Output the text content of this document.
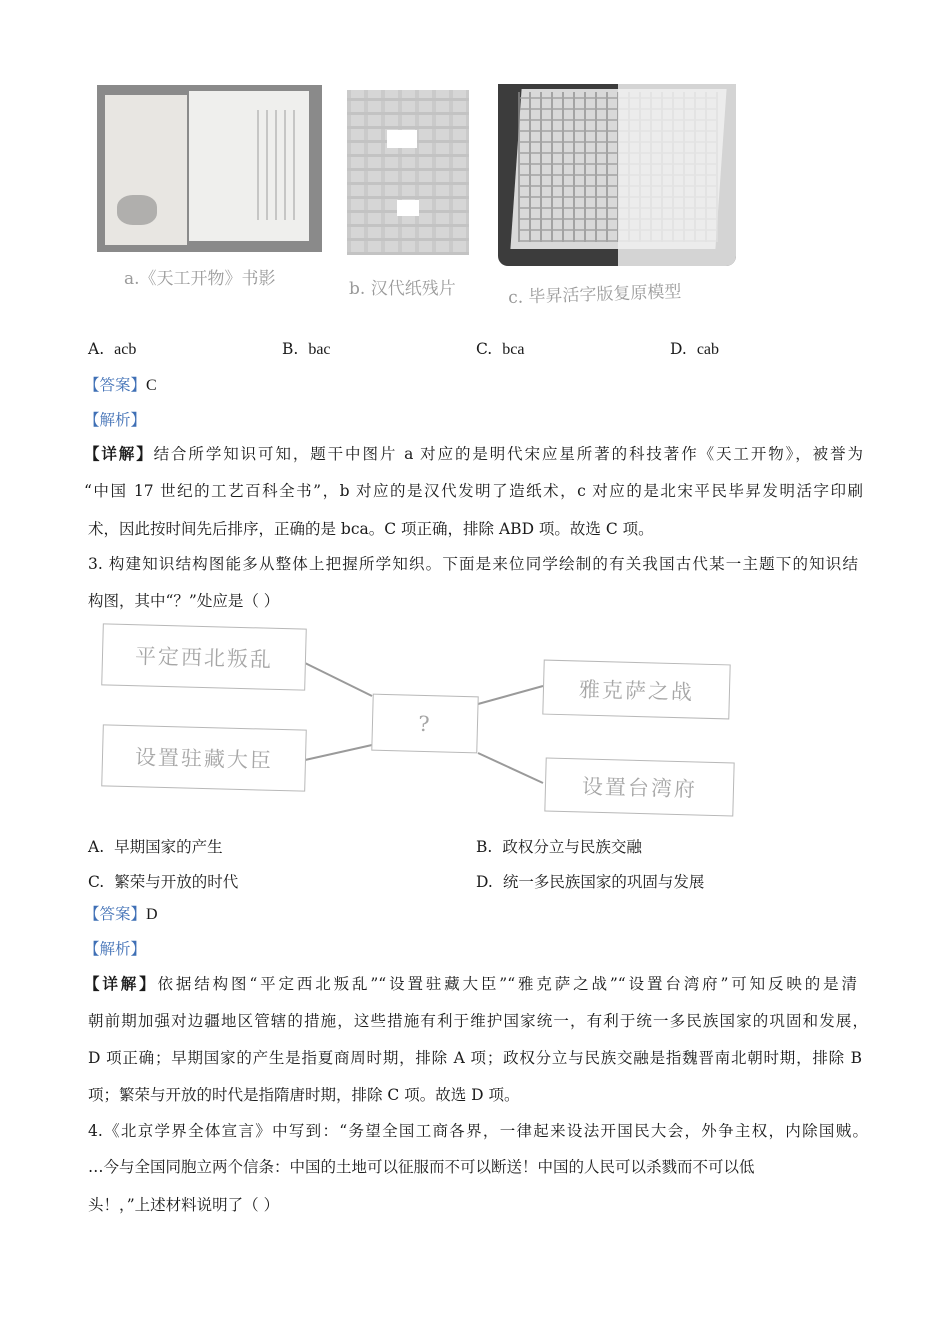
a.《天工开物》书影	b. 汉代纸残片	c. 毕昇活字版复原模型
A. acb	B. bac	C. bca	D. cab
【答案】C
【解析】
【详解】结合所学知识可知，题干中图片 a 对应的是明代宋应星所著的科技著作《天工开物》，被誉为
“中国 17 世纪的工艺百科全书”，b 对应的是汉代发明了造纸术，c 对应的是北宋平民毕昇发明活字印刷
术，因此按时间先后排序，正确的是 bca。C 项正确，排除 ABD 项。故选 C 项。
3. 构建知识结构图能多从整体上把握所学知织。下面是来位同学绘制的有关我国古代某一主题下的知识结
构图，其中“？”处应是（ ）
平定西北叛乱
设置驻藏大臣
?
雅克萨之战
设置台湾府
A. 早期国家的产生	B. 政权分立与民族交融
C. 繁荣与开放的时代	D. 统一多民族国家的巩固与发展
【答案】D
【解析】
【详解】依据结构图“平定西北叛乱”“设置驻藏大臣”“雅克萨之战”“设置台湾府”可知反映的是清
朝前期加强对边疆地区管辖的措施，这些措施有利于维护国家统一，有利于统一多民族国家的巩固和发展，
D 项正确；早期国家的产生是指夏商周时期，排除 A 项；政权分立与民族交融是指魏晋南北朝时期，排除 B
项；繁荣与开放的时代是指隋唐时期，排除 C 项。故选 D 项。
4.《北京学界全体宣言》中写到：“务望全国工商各界，一律起来设法开国民大会，外争主权，内除国贼。
…今与全国同胞立两个信条：中国的土地可以征服而不可以断送！中国的人民可以杀戮而不可以低
头！，”上述材料说明了（ ）
